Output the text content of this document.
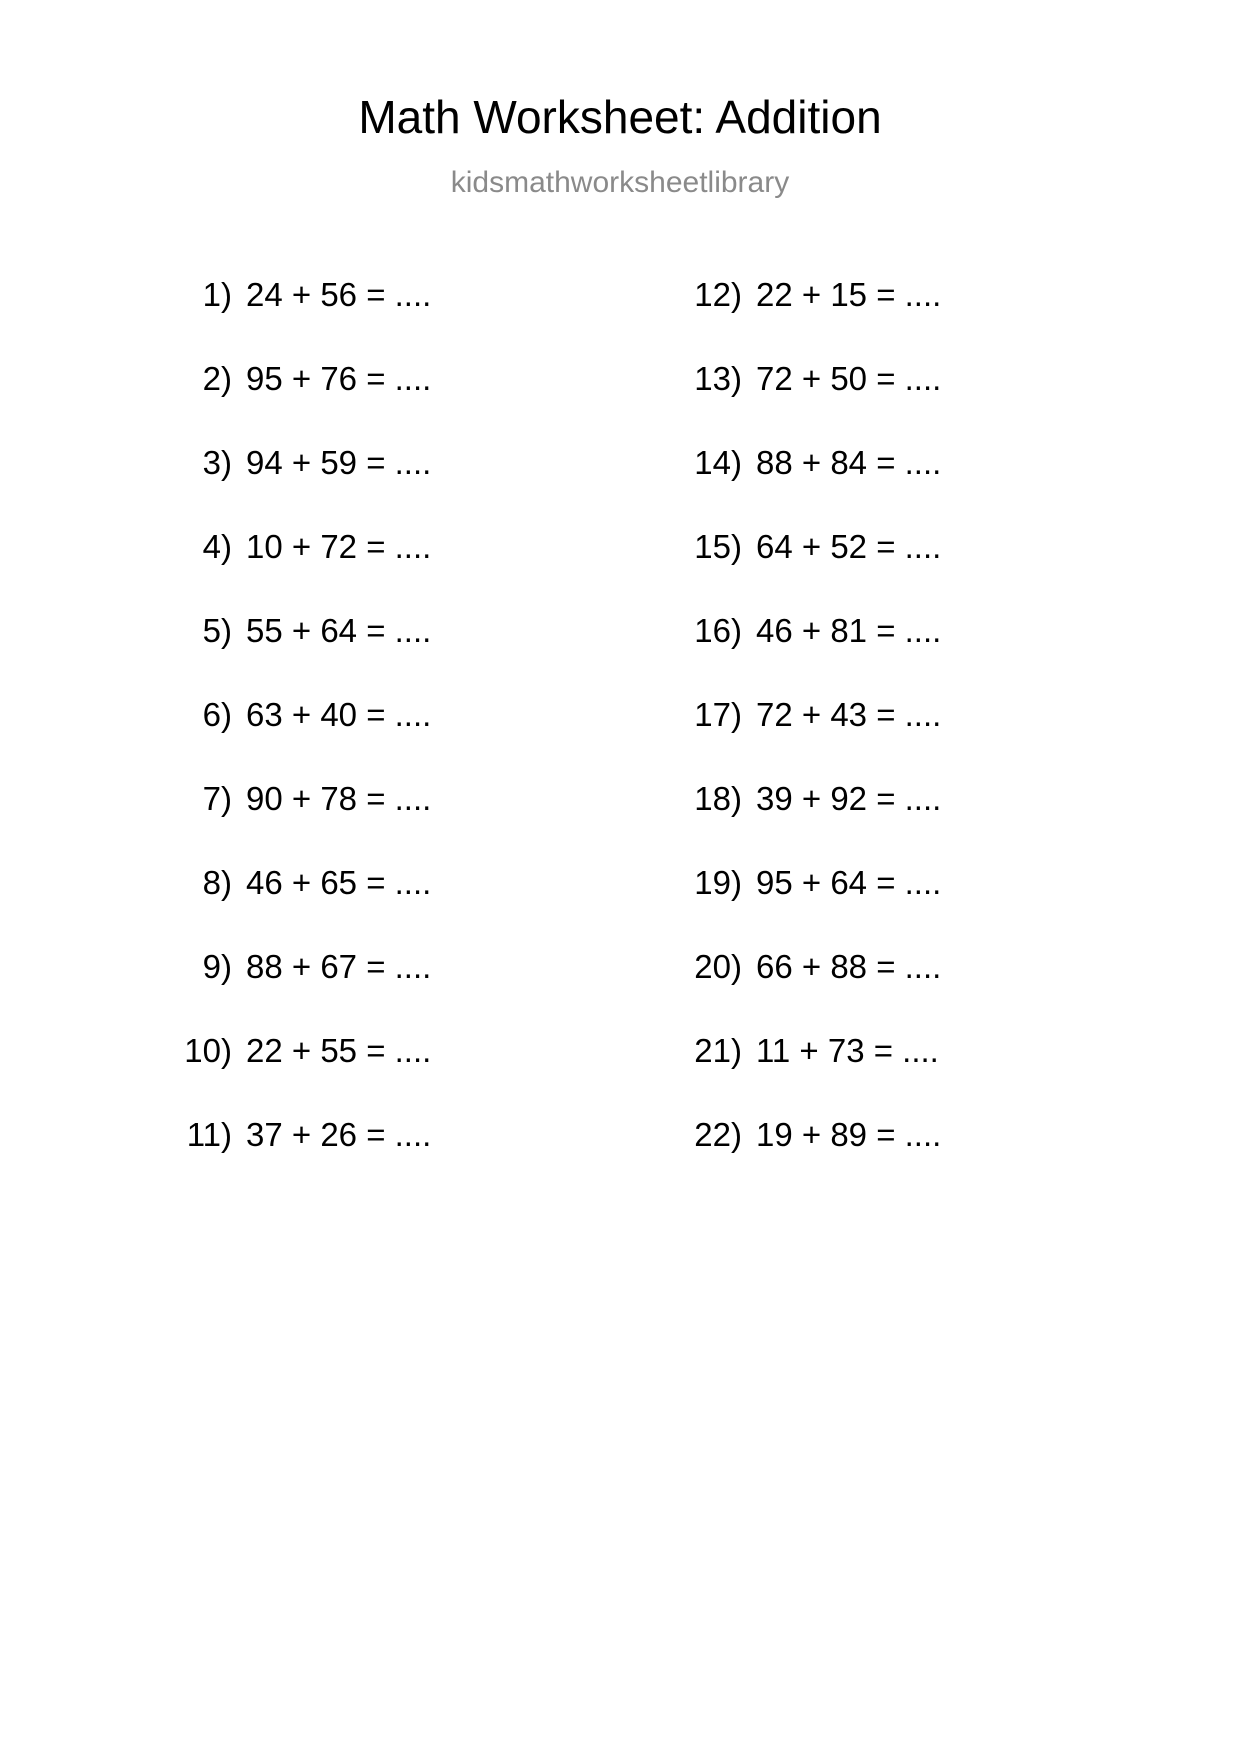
Math Worksheet: Addition
kidsmathworksheetlibrary
1) 24 + 56 = ....
2) 95 + 76 = ....
3) 94 + 59 = ....
4) 10 + 72 = ....
5) 55 + 64 = ....
6) 63 + 40 = ....
7) 90 + 78 = ....
8) 46 + 65 = ....
9) 88 + 67 = ....
10) 22 + 55 = ....
11) 37 + 26 = ....
12) 22 + 15 = ....
13) 72 + 50 = ....
14) 88 + 84 = ....
15) 64 + 52 = ....
16) 46 + 81 = ....
17) 72 + 43 = ....
18) 39 + 92 = ....
19) 95 + 64 = ....
20) 66 + 88 = ....
21) 11 + 73 = ....
22) 19 + 89 = ....
